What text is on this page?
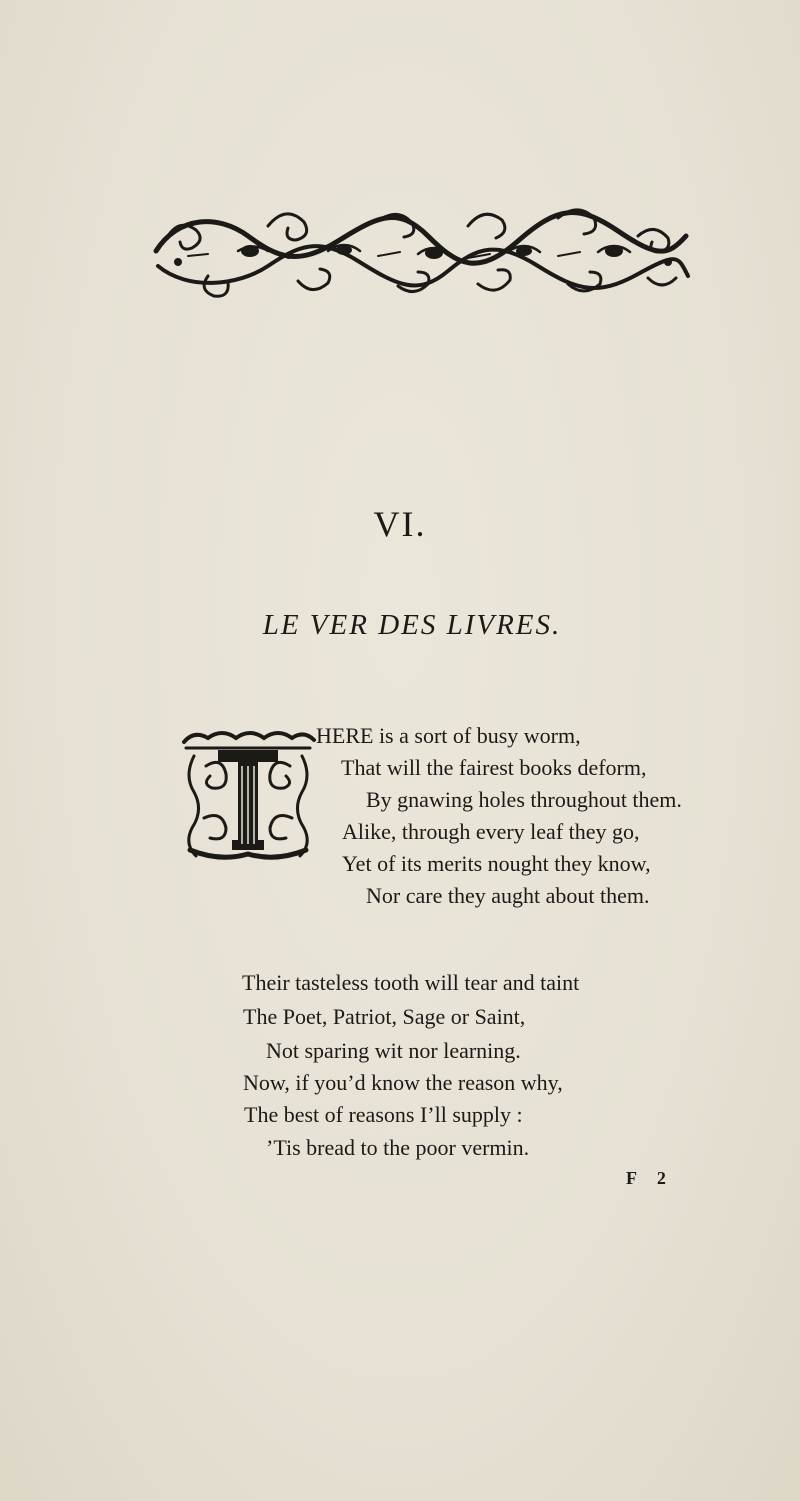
VI.
LE VER DES LIVRES.
HERE is a sort of busy worm,
That will the fairest books deform,
By gnawing holes throughout them.
Alike, through every leaf they go,
Yet of its merits nought they know,
Nor care they aught about them.
Their tasteless tooth will tear and taint
The Poet, Patriot, Sage or Saint,
Not sparing wit nor learning.
Now, if you’d know the reason why,
The best of reasons I’ll supply :
’Tis bread to the poor vermin.
F 2
